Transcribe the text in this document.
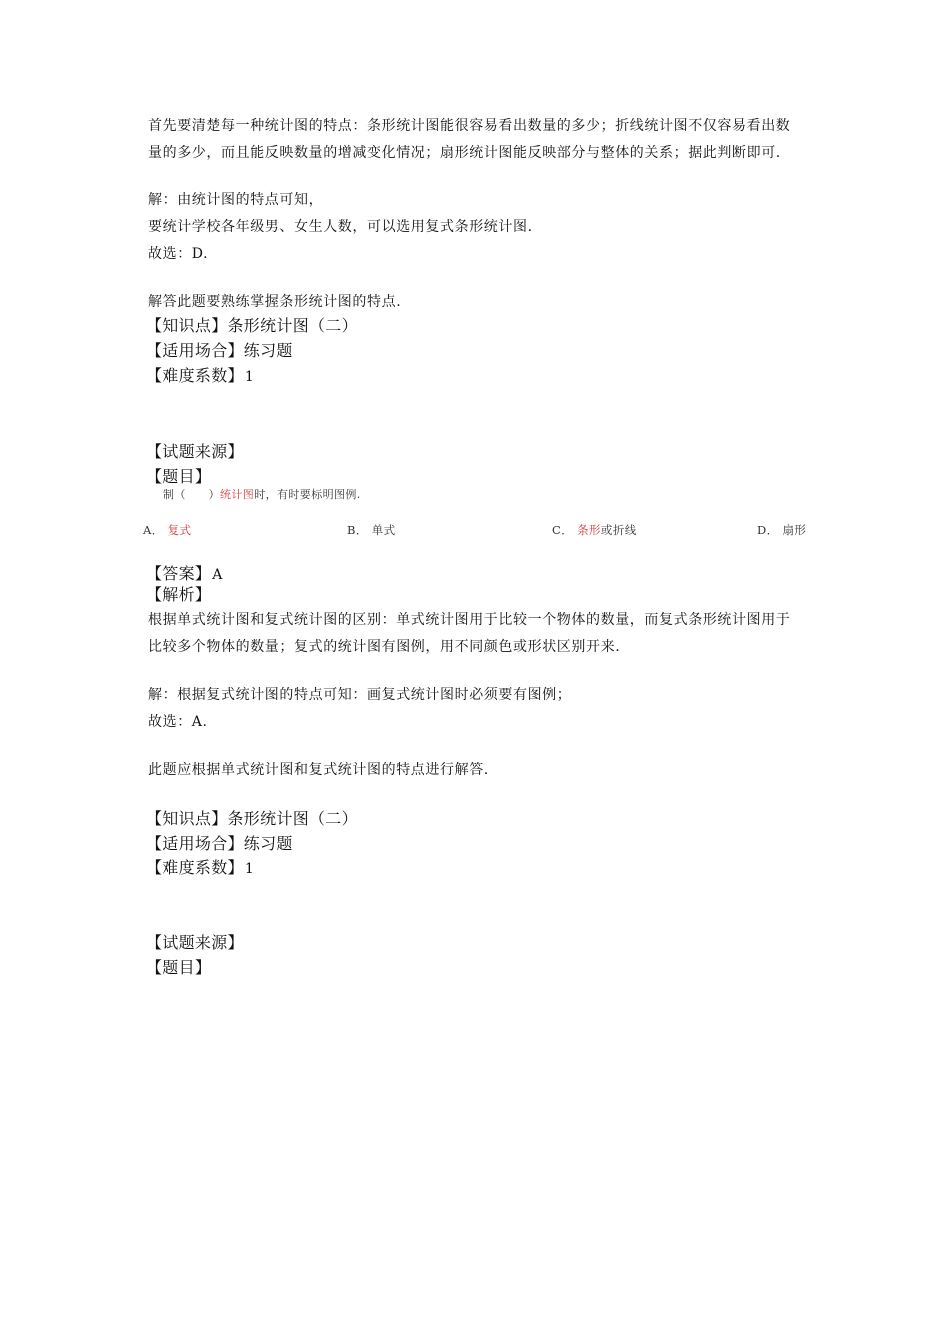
首先要清楚每一种统计图的特点：条形统计图能很容易看出数量的多少；折线统计图不仅容易看出数
量的多少，而且能反映数量的增减变化情况；扇形统计图能反映部分与整体的关系；据此判断即可.
解：由统计图的特点可知，
要统计学校各年级男、女生人数，可以选用复式条形统计图.
故选：D.
解答此题要熟练掌握条形统计图的特点.
【知识点】条形统计图（二）
【适用场合】练习题
【难度系数】1
【试题来源】
【题目】
制（　　）统计图时，有时要标明图例.
A． 复式	B． 单式	C． 条形或折线	D． 扇形
【答案】A
【解析】
根据单式统计图和复式统计图的区别：单式统计图用于比较一个物体的数量，而复式条形统计图用于
比较多个物体的数量；复式的统计图有图例，用不同颜色或形状区别开来.
解：根据复式统计图的特点可知：画复式统计图时必须要有图例；
故选：A.
此题应根据单式统计图和复式统计图的特点进行解答.
【知识点】条形统计图（二）
【适用场合】练习题
【难度系数】1
【试题来源】
【题目】
